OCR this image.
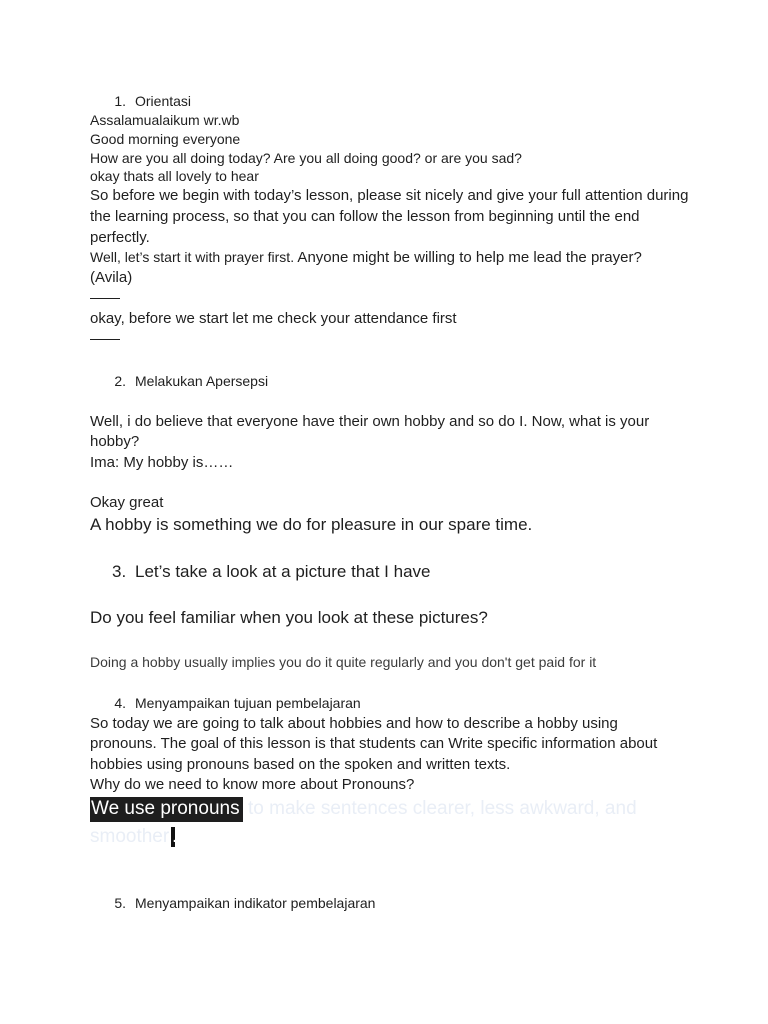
1. Orientasi
Assalamualaikum wr.wb
Good morning everyone
How are you all doing today? Are you all doing good? or are you sad?
okay thats all lovely to hear
So before we begin with today’s lesson, please sit nicely and give your full attention during
the learning process, so that you can follow the lesson from beginning until the end
perfectly.
Well, let’s start it with prayer first. Anyone might be willing to help me lead the prayer?
(Avila)
okay, before we start let me check your attendance first
2. Melakukan Apersepsi
Well, i do believe that everyone have their own hobby and so do I. Now, what is your
hobby?
Ima: My hobby is……
Okay great
A hobby is something we do for pleasure in our spare time.
3. Let’s take a look at a picture that I have
Do you feel familiar when you look at these pictures?
Doing a hobby usually implies you do it quite regularly and you don't get paid for it
4. Menyampaikan tujuan pembelajaran
So today we are going to talk about hobbies and how to describe a hobby using
pronouns. The goal of this lesson is that students can Write specific information about
hobbies using pronouns based on the spoken and written texts.
Why do we need to know more about Pronouns?
We use pronouns to make sentences clearer, less awkward, and
smoother .
5. Menyampaikan indikator pembelajaran
